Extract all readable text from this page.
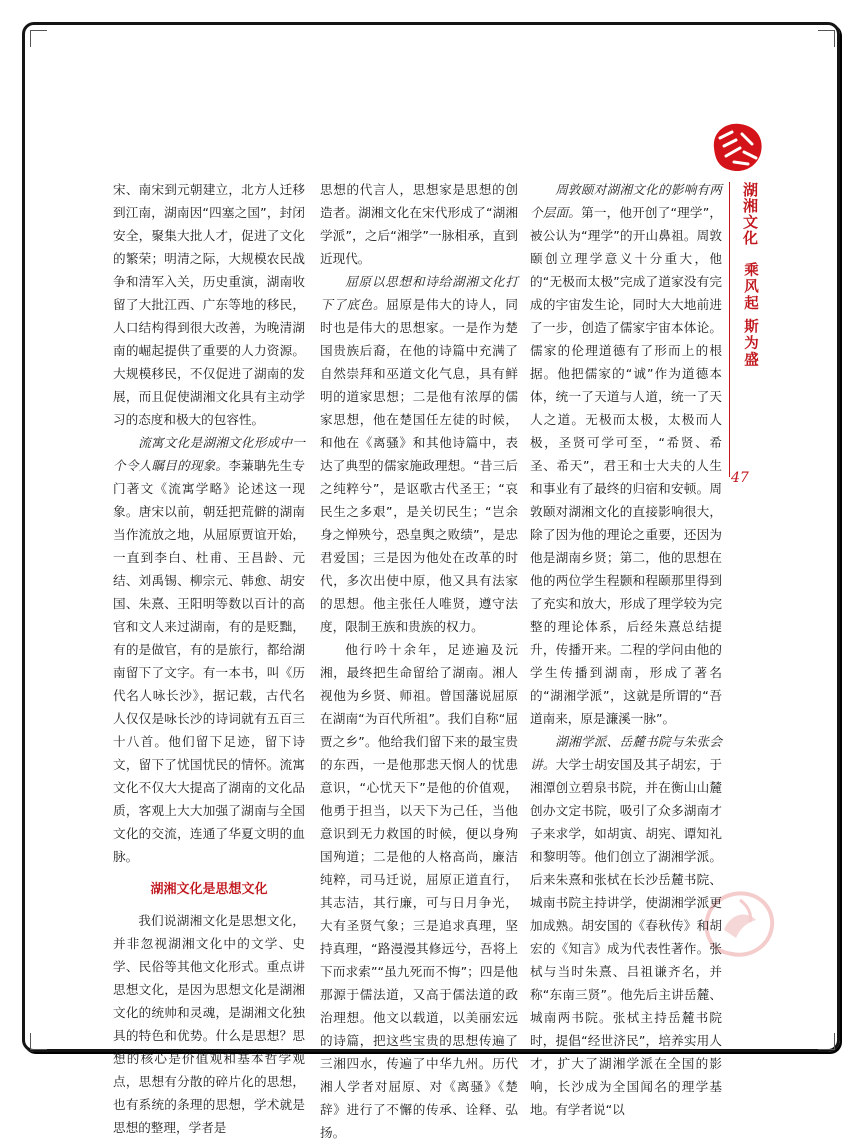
湖湘文化
乘风起 斯为盛
47

宋、南宋到元朝建立，北方人迁移到江南，湖南因“四塞之国”，封闭安全，聚集大批人才，促进了文化的繁荣；明清之际，大规模农民战争和清军入关，历史重演，湖南收留了大批江西、广东等地的移民，人口结构得到很大改善，为晚清湖南的崛起提供了重要的人力资源。大规模移民，不仅促进了湖南的发展，而且促使湖湘文化具有主动学习的态度和极大的包容性。

流寓文化是湖湘文化形成中一个令人瞩目的现象。李蒹聃先生专门著文《流寓学略》论述这一现象。唐宋以前，朝廷把荒僻的湖南当作流放之地，从屈原贾谊开始，一直到李白、杜甫、王昌龄、元结、刘禹锡、柳宗元、韩愈、胡安国、朱熹、王阳明等数以百计的高官和文人来过湖南，有的是贬黜，有的是做官，有的是旅行，都给湖南留下了文字。有一本书，叫《历代名人咏长沙》，据记载，古代名人仅仅是咏长沙的诗词就有五百三十八首。他们留下足迹，留下诗文，留下了忧国忧民的情怀。流寓文化不仅大大提高了湖南的文化品质，客观上大大加强了湖南与全国文化的交流，连通了华夏文明的血脉。

湖湘文化是思想文化

我们说湖湘文化是思想文化，并非忽视湖湘文化中的文学、史学、民俗等其他文化形式。重点讲思想文化，是因为思想文化是湖湘文化的统帅和灵魂，是湖湘文化独具的特色和优势。什么是思想？思想的核心是价值观和基本哲学观点，思想有分散的碎片化的思想，也有系统的条理的思想，学术就是思想的整理，学者是

思想的代言人，思想家是思想的创造者。湖湘文化在宋代形成了“湖湘学派”，之后“湘学”一脉相承，直到近现代。

屈原以思想和诗给湖湘文化打下了底色。屈原是伟大的诗人，同时也是伟大的思想家。一是作为楚国贵族后裔，在他的诗篇中充满了自然崇拜和巫道文化气息，具有鲜明的道家思想；二是他有浓厚的儒家思想，他在楚国任左徒的时候，和他在《离骚》和其他诗篇中，表达了典型的儒家施政理想。“昔三后之纯粹兮”，是讴歌古代圣王；“哀民生之多艰”，是关切民生；“岂余身之惮殃兮，恐皇舆之败绩”，是忠君爱国；三是因为他处在改革的时代，多次出使中原，他又具有法家的思想。他主张任人唯贤，遵守法度，限制王族和贵族的权力。

他行吟十余年，足迹遍及沅湘，最终把生命留给了湖南。湘人视他为乡贤、师祖。曾国藩说屈原在湖南“为百代所祖”。我们自称“屈贾之乡”。他给我们留下来的最宝贵的东西，一是他那悲天悯人的忧患意识，“心忧天下”是他的价值观，他勇于担当，以天下为己任，当他意识到无力救国的时候，便以身殉国殉道；二是他的人格高尚，廉洁纯粹，司马迁说，屈原正道直行，其志洁，其行廉，可与日月争光，大有圣贤气象；三是追求真理，坚持真理，“路漫漫其修远兮，吾将上下而求索”“虽九死而不悔”；四是他那源于儒法道，又高于儒法道的政治理想。他文以载道，以美丽宏远的诗篇，把这些宝贵的思想传遍了三湘四水，传遍了中华九州。历代湘人学者对屈原、对《离骚》《楚辞》进行了不懈的传承、诠释、弘扬。

周敦颐对湖湘文化的影响有两个层面。第一，他开创了“理学”，被公认为“理学”的开山鼻祖。周敦颐创立理学意义十分重大，他的“无极而太极”完成了道家没有完成的宇宙发生论，同时大大地前进了一步，创造了儒家宇宙本体论。儒家的伦理道德有了形而上的根据。他把儒家的“诚”作为道德本体，统一了天道与人道，统一了天人之道。无极而太极，太极而人极，圣贤可学可至，“希贤、希圣、希天”，君王和士大夫的人生和事业有了最终的归宿和安顿。周敦颐对湖湘文化的直接影响很大，除了因为他的理论之重要，还因为他是湖南乡贤；第二，他的思想在他的两位学生程颢和程颐那里得到了充实和放大，形成了理学较为完整的理论体系，后经朱熹总结提升，传播开来。二程的学问由他的学生传播到湖南，形成了著名的“湖湘学派”，这就是所谓的“吾道南来，原是濂溪一脉”。

湖湘学派、岳麓书院与朱张会讲。大学士胡安国及其子胡宏，于湘潭创立碧泉书院，并在衡山山麓创办文定书院，吸引了众多湖南才子来求学，如胡寅、胡宪、谭知礼和黎明等。他们创立了湖湘学派。后来朱熹和张栻在长沙岳麓书院、城南书院主持讲学，使湖湘学派更加成熟。胡安国的《春秋传》和胡宏的《知言》成为代表性著作。张栻与当时朱熹、吕祖谦齐名，并称“东南三贤”。他先后主讲岳麓、城南两书院。张栻主持岳麓书院时，提倡“经世济民”，培养实用人才，扩大了湖湘学派在全国的影响，长沙成为全国闻名的理学基地。有学者说“以
